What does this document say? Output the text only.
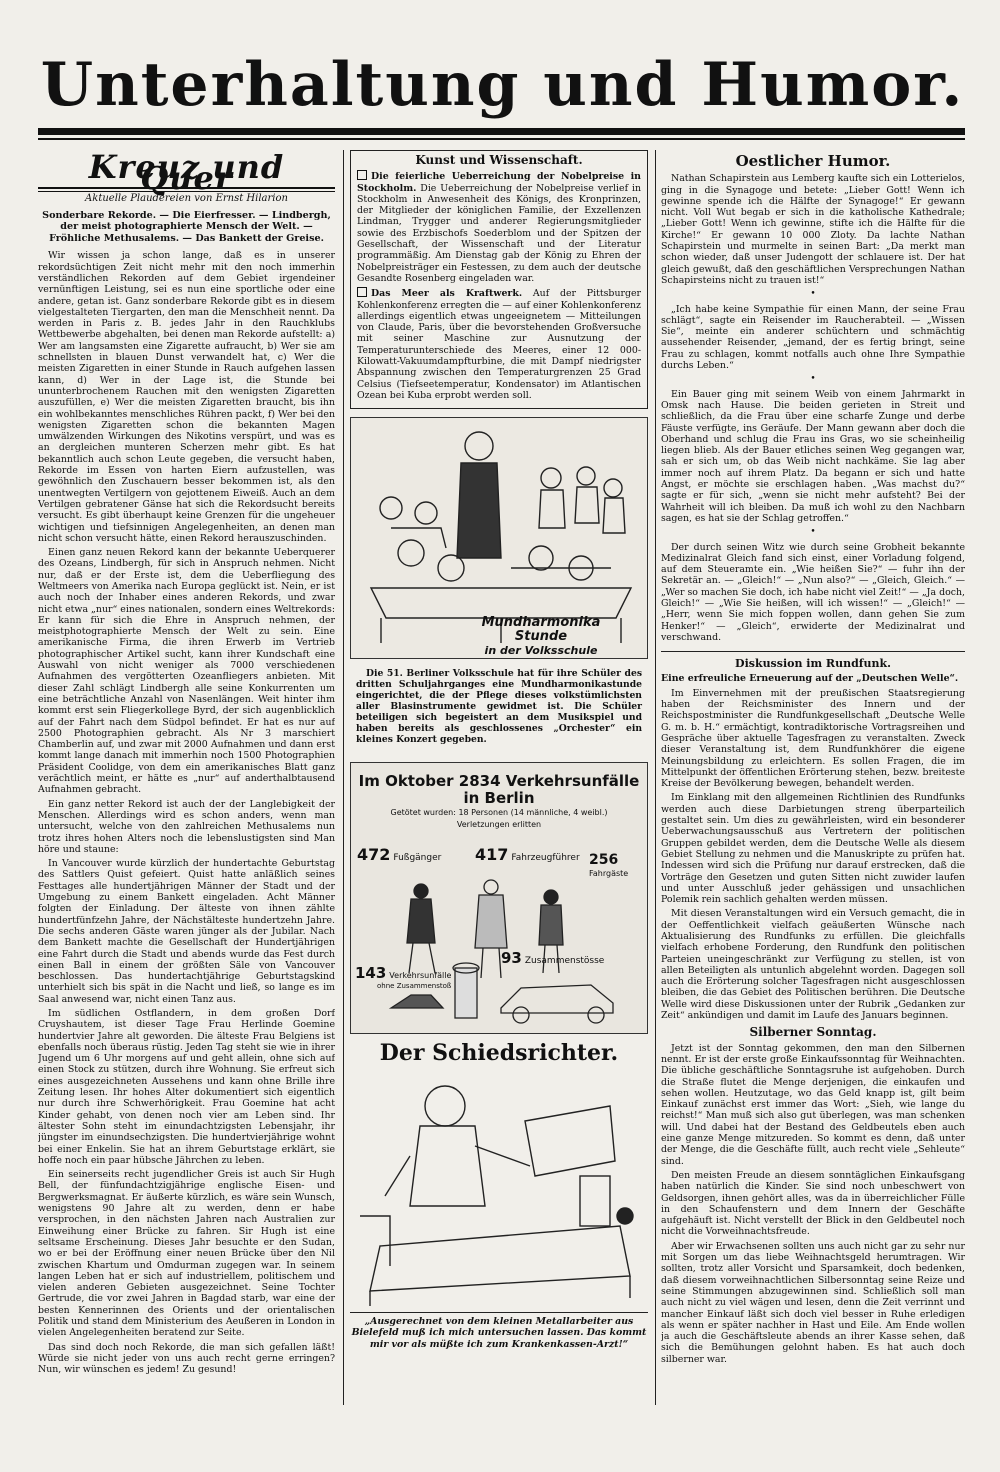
Unterhaltung und Humor.
Kreuz und Quer
Aktuelle Plaudereien von Ernst Hilarion
Sonderbare Rekorde. — Die Eierfresser. — Lindbergh, der meist photographierte Mensch der Welt. — Fröhliche Methusalems. — Das Bankett der Greise.

Wir wissen ja schon lange, daß es in unserer rekordsüchtigen Zeit nicht mehr mit den noch immerhin verständlichen Rekorden auf dem Gebiet irgendeiner vernünftigen Leistung, sei es nun eine sportliche oder eine andere, getan ist. Ganz sonderbare Rekorde gibt es in diesem vielgestalteten Tiergarten, den man die Menschheit nennt. Da werden in Paris z. B. jedes Jahr in den Rauchklubs Wettbewerbe abgehalten, bei denen man Rekorde aufstellt: a) Wer am langsamsten eine Zigarette aufraucht, b) Wer sie am schnellsten in blauen Dunst verwandelt hat, c) Wer die meisten Zigaretten in einer Stunde in Rauch aufgehen lassen kann, d) Wer in der Lage ist, die Stunde bei ununterbrochenem Rauchen mit den wenigsten Zigaretten auszufüllen, e) Wer die meisten Zigaretten braucht, bis ihn ein wohlbekanntes menschliches Rühren packt, f) Wer bei den wenigsten Zigaretten schon die bekannten Magen umwälzenden Wirkungen des Nikotins verspürt, und was es an dergleichen munteren Scherzen mehr gibt. Es hat bekanntlich auch schon Leute gegeben, die versucht haben, Rekorde im Essen von harten Eiern aufzustellen, was gewöhnlich den Zuschauern besser bekommen ist, als den unentwegten Vertilgern von gejottenem Eiweiß. Auch an dem Vertilgen gebratener Gänse hat sich die Rekordsucht bereits versucht. Es gibt überhaupt keine Grenzen für die ungeheuer wichtigen und tiefsinnigen Angelegenheiten, an denen man nicht schon versucht hätte, einen Rekord herauszuschinden.

Einen ganz neuen Rekord kann der bekannte Ueberquerer des Ozeans, Lindbergh, für sich in Anspruch nehmen. Nicht nur, daß er der Erste ist, dem die Ueberfliegung des Weltmeers von Amerika nach Europa geglückt ist. Nein, er ist auch noch der Inhaber eines anderen Rekords, und zwar nicht etwa „nur“ eines nationalen, sondern eines Weltrekords: Er kann für sich die Ehre in Anspruch nehmen, der meistphotographierte Mensch der Welt zu sein. Eine amerikanische Firma, die ihren Erwerb im Vertrieb photographischer Artikel sucht, kann ihrer Kundschaft eine Auswahl von nicht weniger als 7000 verschiedenen Aufnahmen des vergötterten Ozeanfliegers anbieten. Mit dieser Zahl schlägt Lindbergh alle seine Konkurrenten um eine beträchtliche Anzahl von Nasenlängen. Weit hinter ihm kommt erst sein Fliegerkollege Byrd, der sich augenblicklich auf der Fahrt nach dem Südpol befindet. Er hat es nur auf 2500 Photographien gebracht. Als Nr 3 marschiert Chamberlin auf, und zwar mit 2000 Aufnahmen und dann erst kommt lange danach mit immerhin noch 1500 Photographien Präsident Coolidge, von dem ein amerikanisches Blatt ganz verächtlich meint, er hätte es „nur“ auf anderthalbtausend Aufnahmen gebracht.

Ein ganz netter Rekord ist auch der der Langlebigkeit der Menschen. Allerdings wird es schon anders, wenn man untersucht, welche von den zahlreichen Methusalems nun trotz ihres hohen Alters noch die lebenslustigsten sind Man höre und staune:

In Vancouver wurde kürzlich der hundertachte Geburtstag des Sattlers Quist gefeiert. Quist hatte anläßlich seines Festtages alle hundertjährigen Männer der Stadt und der Umgebung zu einem Bankett eingeladen. Acht Männer folgten der Einladung. Der älteste von ihnen zählte hundertfünfzehn Jahre, der Nächstälteste hundertzehn Jahre. Die sechs anderen Gäste waren jünger als der Jubilar. Nach dem Bankett machte die Gesellschaft der Hundertjährigen eine Fahrt durch die Stadt und abends wurde das Fest durch einen Ball in einem der größten Säle von Vancouver beschlossen. Das hundertachtjährige Geburtstagskind unterhielt sich bis spät in die Nacht und ließ, so lange es im Saal anwesend war, nicht einen Tanz aus.

Im südlichen Ostflandern, in dem großen Dorf Cruyshautem, ist dieser Tage Frau Herlinde Goemine hundertvier Jahre alt geworden. Die älteste Frau Belgiens ist ebenfalls noch überaus rüstig. Jeden Tag steht sie wie in ihrer Jugend um 6 Uhr morgens auf und geht allein, ohne sich auf einen Stock zu stützen, durch ihre Wohnung. Sie erfreut sich eines ausgezeichneten Aussehens und kann ohne Brille ihre Zeitung lesen. Ihr hohes Alter dokumentiert sich eigentlich nur durch ihre Schwerhörigkeit. Frau Goemine hat acht Kinder gehabt, von denen noch vier am Leben sind. Ihr ältester Sohn steht im einundachtzigsten Lebensjahr, ihr jüngster im einundsechzigsten. Die hundertvierjährige wohnt bei einer Enkelin. Sie hat an ihrem Geburtstage erklärt, sie hoffe noch ein paar hübsche Jährchen zu leben.

Ein seinerseits recht jugendlicher Greis ist auch Sir Hugh Bell, der fünfundachtzigjährige englische Eisen- und Bergwerksmagnat. Er äußerte kürzlich, es wäre sein Wunsch, wenigstens 90 Jahre alt zu werden, denn er habe versprochen, in den nächsten Jahren nach Australien zur Einweihung einer Brücke zu fahren. Sir Hugh ist eine seltsame Erscheinung. Dieses Jahr besuchte er den Sudan, wo er bei der Eröffnung einer neuen Brücke über den Nil zwischen Khartum und Omdurman zugegen war. In seinem langen Leben hat er sich auf industriellem, politischem und vielen anderen Gebieten ausgezeichnet. Seine Tochter Gertrude, die vor zwei Jahren in Bagdad starb, war eine der besten Kennerinnen des Orients und der orientalischen Politik und stand dem Ministerium des Aeußeren in London in vielen Angelegenheiten beratend zur Seite.

Das sind doch noch Rekorde, die man sich gefallen läßt! Würde sie nicht jeder von uns auch recht gerne erringen? Nun, wir wünschen es jedem! Zu gesund!

Kunst und Wissenschaft.

Die feierliche Ueberreichung der Nobelpreise in Stockholm. Die Ueberreichung der Nobelpreise verlief in Stockholm in Anwesenheit des Königs, des Kronprinzen, der Mitglieder der königlichen Familie, der Exzellenzen Lindman, Trygger und anderer Regierungsmitglieder sowie des Erzbischofs Soederblom und der Spitzen der Gesellschaft, der Wissenschaft und der Literatur programmäßig. Am Dienstag gab der König zu Ehren der Nobelpreisträger ein Festessen, zu dem auch der deutsche Gesandte Rosenberg eingeladen war.

Das Meer als Kraftwerk. Auf der Pittsburger Kohlenkonferenz erregten die — auf einer Kohlenkonferenz allerdings eigentlich etwas ungeeignetem — Mitteilungen von Claude, Paris, über die bevorstehenden Großversuche mit seiner Maschine zur Ausnutzung der Temperaturunterschiede des Meeres, einer 12 000-Kilowatt-Vakuumdampfturbine, die mit Dampf niedrigster Abspannung zwischen den Temperaturgrenzen 25 Grad Celsius (Tiefseetemperatur, Kondensator) im Atlantischen Ozean bei Kuba erprobt werden soll.

Mundharmonika Stunde
in der Volksschule

Die 51. Berliner Volksschule hat für ihre Schüler des dritten Schuljahrganges eine Mundharmonikastunde eingerichtet, die der Pflege dieses volkstümlichsten aller Blasinstrumente gewidmet ist. Die Schüler beteiligen sich begeistert an dem Musikspiel und haben bereits als geschlossenes „Orchester“ ein kleines Konzert gegeben.

Im Oktober 2834 Verkehrsunfälle
in Berlin
Getötet wurden: 18 Personen (14 männliche, 4 weibl.)
Verletzungen erlitten
472 Fußgänger 417 Fahrzeugführer 256 Fahrgäste
143 Verkehrsunfälle
ohne Zusammenstoß
93 Zusammenstösse
Der Schiedsrichter.
„Ausgerechnet von dem kleinen Metallarbeiter aus Bielefeld muß ich mich untersuchen lassen. Das kommt mir vor als müßte ich zum Krankenkassen-Arzt!“
Oestlicher Humor.

Nathan Schapirstein aus Lemberg kaufte sich ein Lotterielos, ging in die Synagoge und betete: „Lieber Gott! Wenn ich gewinne spende ich die Hälfte der Synagoge!“ Er gewann nicht. Voll Wut begab er sich in die katholische Kathedrale; „Lieber Gott! Wenn ich gewinne, stifte ich die Hälfte für die Kirche!“ Er gewann 10 000 Zloty. Da lachte Nathan Schapirstein und murmelte in seinen Bart: „Da merkt man schon wieder, daß unser Judengott der schlauere ist. Der hat gleich gewußt, daß den geschäftlichen Versprechungen Nathan Schapirsteins nicht zu trauen ist!“

•

„Ich habe keine Sympathie für einen Mann, der seine Frau schlägt“, sagte ein Reisender im Raucherabteil. — „Wissen Sie“, meinte ein anderer schüchtern und schmächtig aussehender Reisender, „jemand, der es fertig bringt, seine Frau zu schlagen, kommt notfalls auch ohne Ihre Sympathie durchs Leben.“

•

Ein Bauer ging mit seinem Weib von einem Jahrmarkt in Omsk nach Hause. Die beiden gerieten in Streit und schließlich, da die Frau über eine scharfe Zunge und derbe Fäuste verfügte, ins Geräufe. Der Mann gewann aber doch die Oberhand und schlug die Frau ins Gras, wo sie scheinheilig liegen blieb. Als der Bauer etliches seinen Weg gegangen war, sah er sich um, ob das Weib nicht nachkäme. Sie lag aber immer noch auf ihrem Platz. Da begann er sich und hatte Angst, er möchte sie erschlagen haben. „Was machst du?“ sagte er für sich, „wenn sie nicht mehr aufsteht? Bei der Wahrheit will ich bleiben. Da muß ich wohl zu den Nachbarn sagen, es hat sie der Schlag getroffen.“

•

Der durch seinen Witz wie durch seine Grobheit bekannte Medizinalrat Gleich fand sich einst, einer Vorladung folgend, auf dem Steueramte ein. „Wie heißen Sie?“ — fuhr ihn der Sekretär an. — „Gleich!“ — „Nun also?“ — „Gleich, Gleich.“ — „Wer so machen Sie doch, ich habe nicht viel Zeit!“ — „Ja doch, Gleich!“ — „Wie Sie heißen, will ich wissen!“ — „Gleich!“ — „Herr, wenn Sie mich foppen wollen, dann gehen Sie zum Henker!“ — „Gleich“, erwiderte der Medizinalrat und verschwand.

Diskussion im Rundfunk.

Eine erfreuliche Erneuerung auf der „Deutschen Welle“.

Im Einvernehmen mit der preußischen Staatsregierung haben der Reichsminister des Innern und der Reichspostminister die Rundfunkgesellschaft „Deutsche Welle G. m. b. H.“ ermächtigt, kontradiktorische Vortragsreihen und Gespräche über aktuelle Tagesfragen zu veranstalten. Zweck dieser Veranstaltung ist, dem Rundfunkhörer die eigene Meinungsbildung zu erleichtern. Es sollen Fragen, die im Mittelpunkt der öffentlichen Erörterung stehen, bezw. breiteste Kreise der Bevölkerung bewegen, behandelt werden.

Im Einklang mit den allgemeinen Richtlinien des Rundfunks werden auch diese Darbietungen streng überparteilich gestaltet sein. Um dies zu gewährleisten, wird ein besonderer Ueberwachungsausschuß aus Vertretern der politischen Gruppen gebildet werden, dem die Deutsche Welle als diesem Gebiet Stellung zu nehmen und die Manuskripte zu prüfen hat. Indessen wird sich die Prüfung nur darauf erstrecken, daß die Vorträge den Gesetzen und guten Sitten nicht zuwider laufen und unter Ausschluß jeder gehässigen und unsachlichen Polemik rein sachlich gehalten werden müssen.

Mit diesen Veranstaltungen wird ein Versuch gemacht, die in der Oeffentlichkeit vielfach geäußerten Wünsche nach Aktualisierung des Rundfunks zu erfüllen. Die gleichfalls vielfach erhobene Forderung, den Rundfunk den politischen Parteien uneingeschränkt zur Verfügung zu stellen, ist von allen Beteiligten als untunlich abgelehnt worden. Dagegen soll auch die Erörterung solcher Tagesfragen nicht ausgeschlossen bleiben, die das Gebiet des Politischen berühren. Die Deutsche Welle wird diese Diskussionen unter der Rubrik „Gedanken zur Zeit“ ankündigen und damit im Laufe des Januars beginnen.

Silberner Sonntag.

Jetzt ist der Sonntag gekommen, den man den Silbernen nennt. Er ist der erste große Einkaufssonntag für Weihnachten. Die übliche geschäftliche Sonntagsruhe ist aufgehoben. Durch die Straße flutet die Menge derjenigen, die einkaufen und sehen wollen. Heutzutage, wo das Geld knapp ist, gilt beim Einkauf zunächst erst immer das Wort: „Sieh, wie lange du reichst!“ Man muß sich also gut überlegen, was man schenken will. Und dabei hat der Bestand des Geldbeutels eben auch eine ganze Menge mitzureden. So kommt es denn, daß unter der Menge, die die Geschäfte füllt, auch recht viele „Sehleute“ sind.

Den meisten Freude an diesem sonntäglichen Einkaufsgang haben natürlich die Kinder. Sie sind noch unbeschwert von Geldsorgen, ihnen gehört alles, was da in überreichlicher Fülle in den Schaufenstern und dem Innern der Geschäfte aufgehäuft ist. Nicht verstellt der Blick in den Geldbeutel noch nicht die Vorweihnachtsfreude.

Aber wir Erwachsenen sollten uns auch nicht gar zu sehr nur mit Sorgen um das liebe Weihnachtsgeld herumtragen. Wir sollten, trotz aller Vorsicht und Sparsamkeit, doch bedenken, daß diesem vorweihnachtlichen Silbersonntag seine Reize und seine Stimmungen abzugewinnen sind. Schließlich soll man auch nicht zu viel wägen und lesen, denn die Zeit verrinnt und mancher Einkauf läßt sich doch viel besser in Ruhe erledigen als wenn er später nachher in Hast und Eile. Am Ende wollen ja auch die Geschäftsleute abends an ihrer Kasse sehen, daß sich die Bemühungen gelohnt haben. Es hat auch doch silberner war.
